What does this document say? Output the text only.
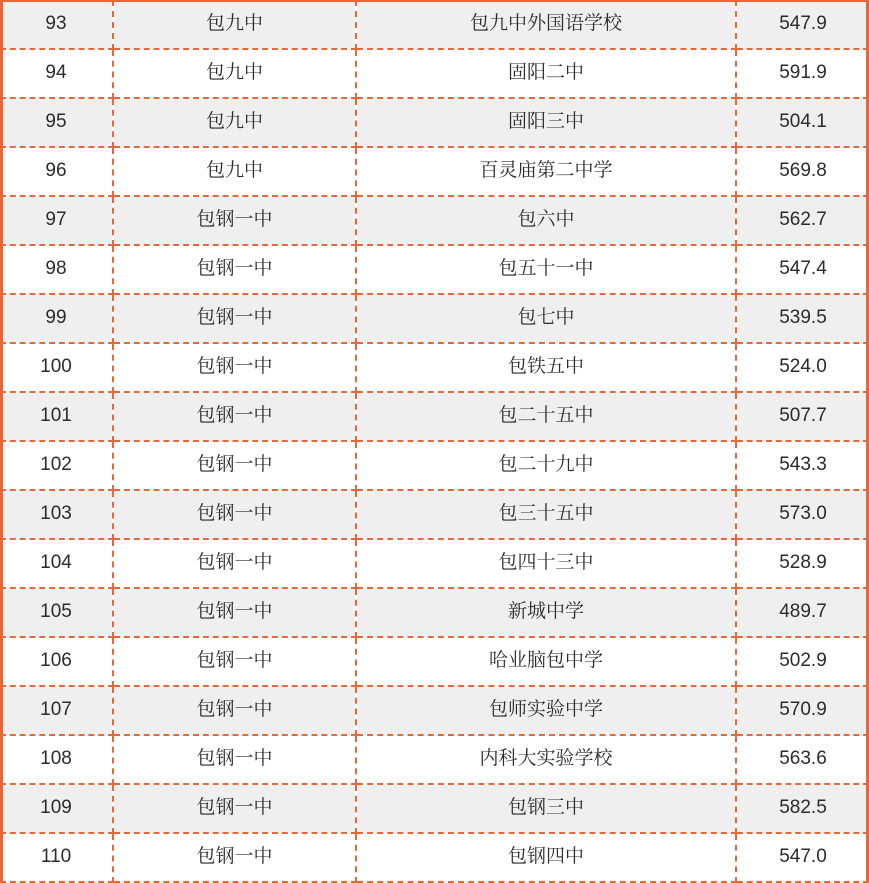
93	包九中	包九中外国语学校	547.9
94	包九中	固阳二中	591.9
95	包九中	固阳三中	504.1
96	包九中	百灵庙第二中学	569.8
97	包钢一中	包六中	562.7
98	包钢一中	包五十一中	547.4
99	包钢一中	包七中	539.5
100	包钢一中	包铁五中	524.0
101	包钢一中	包二十五中	507.7
102	包钢一中	包二十九中	543.3
103	包钢一中	包三十五中	573.0
104	包钢一中	包四十三中	528.9
105	包钢一中	新城中学	489.7
106	包钢一中	哈业脑包中学	502.9
107	包钢一中	包师实验中学	570.9
108	包钢一中	内科大实验学校	563.6
109	包钢一中	包钢三中	582.5
110	包钢一中	包钢四中	547.0
